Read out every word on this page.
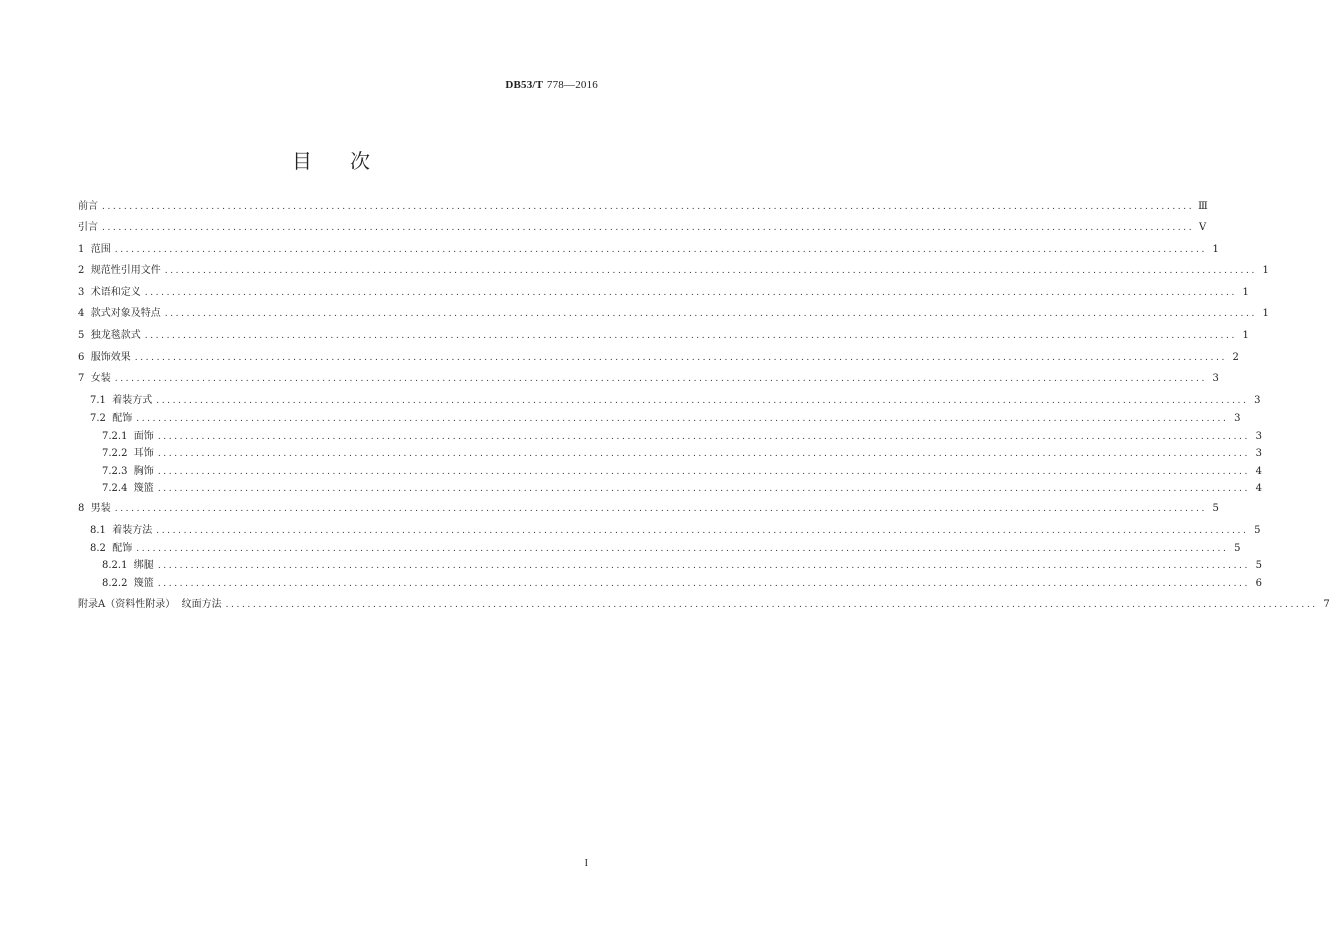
DB53/T 778—2016
目 次
前言 ........................................................................................................................................................................................................ Ⅲ
引言 ........................................................................................................................................................................................................ Ⅴ
1  范围 ........................................................................................................................................................................................................ 1
2  规范性引用文件 ........................................................................................................................................................................................................ 1
3  术语和定义 ........................................................................................................................................................................................................ 1
4  款式对象及特点 ........................................................................................................................................................................................................ 1
5  独龙毯款式 ........................................................................................................................................................................................................ 1
6  服饰效果 ........................................................................................................................................................................................................ 2
7  女装 ........................................................................................................................................................................................................ 3
7.1  着装方式 ........................................................................................................................................................................................................ 3
7.2  配饰 ........................................................................................................................................................................................................ 3
7.2.1  面饰 ........................................................................................................................................................................................................ 3
7.2.2  耳饰 ........................................................................................................................................................................................................ 3
7.2.3  胸饰 ........................................................................................................................................................................................................ 4
7.2.4  篾篮 ........................................................................................................................................................................................................ 4
8  男装 ........................................................................................................................................................................................................ 5
8.1  着装方法 ........................................................................................................................................................................................................ 5
8.2  配饰 ........................................................................................................................................................................................................ 5
8.2.1  绑腿 ........................................................................................................................................................................................................ 5
8.2.2  篾篮 ........................................................................................................................................................................................................ 6
附录A（资料性附录）  纹面方法 ........................................................................................................................................................................................................ 7
I
